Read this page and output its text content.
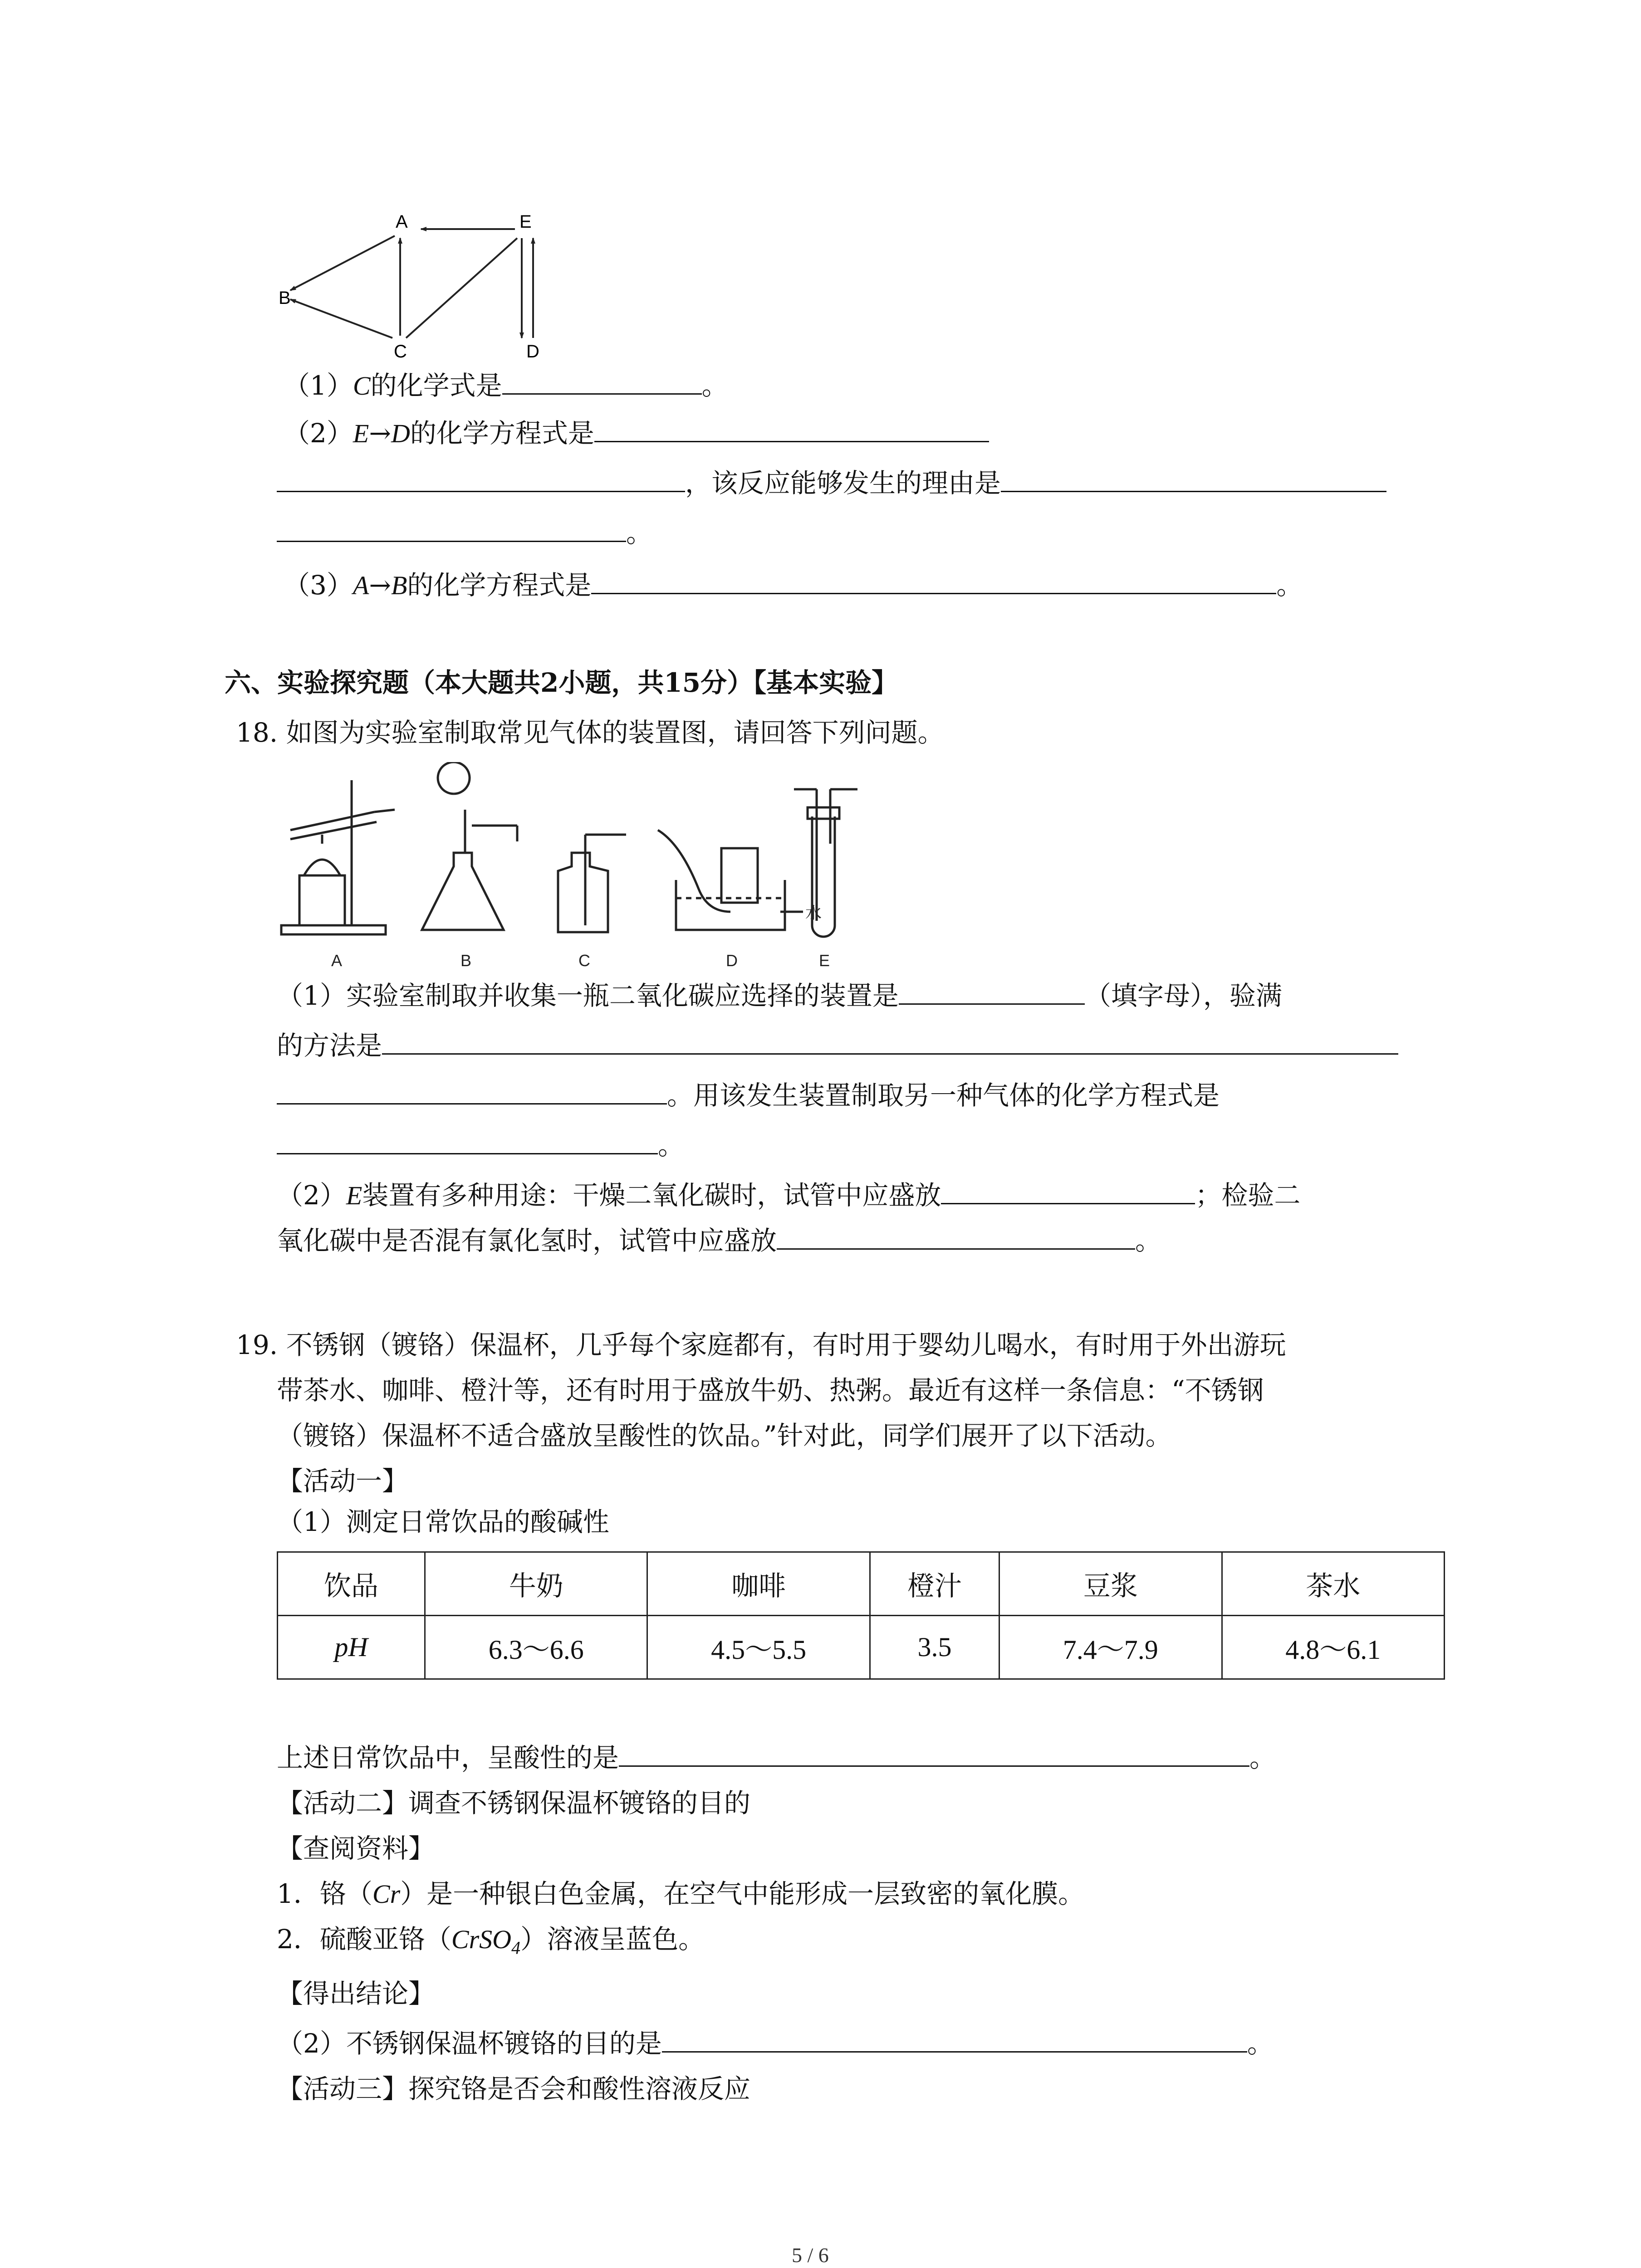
A
B
C	D
E
（1）C的化学式是	。
（2）E→D的化学方程式是
，该反应能够发生的理由是
。
（3）A→B的化学方程式是	。
六、实验探究题（本大题共2小题，共15分）【基本实验】
18. 如图为实验室制取常见气体的装置图，请回答下列问题。
A	B	C	D	E
水
（1）实验室制取并收集一瓶二氧化碳应选择的装置是	（填字母），验满
的方法是
。用该发生装置制取另一种气体的化学方程式是
。
（2）E装置有多种用途：干燥二氧化碳时，试管中应盛放	；检验二
氧化碳中是否混有氯化氢时，试管中应盛放	。
19. 不锈钢（镀铬）保温杯，几乎每个家庭都有，有时用于婴幼儿喝水，有时用于外出游玩
带茶水、咖啡、橙汁等，还有时用于盛放牛奶、热粥。最近有这样一条信息：“不锈钢
（镀铬）保温杯不适合盛放呈酸性的饮品。”针对此，同学们展开了以下活动。
【活动一】
（1）测定日常饮品的酸碱性
饮品	牛奶	咖啡	橙汁	豆浆	茶水
pH	6.3～6.6	4.5～5.5	3.5	7.4～7.9	4.8～6.1
上述日常饮品中，呈酸性的是	。
【活动二】调查不锈钢保温杯镀铬的目的
【查阅资料】
1．铬（Cr）是一种银白色金属，在空气中能形成一层致密的氧化膜。
2．硫酸亚铬（CrSO$_4$）溶液呈蓝色。
【得出结论】
（2）不锈钢保温杯镀铬的目的是	。
【活动三】探究铬是否会和酸性溶液反应
5 / 6
